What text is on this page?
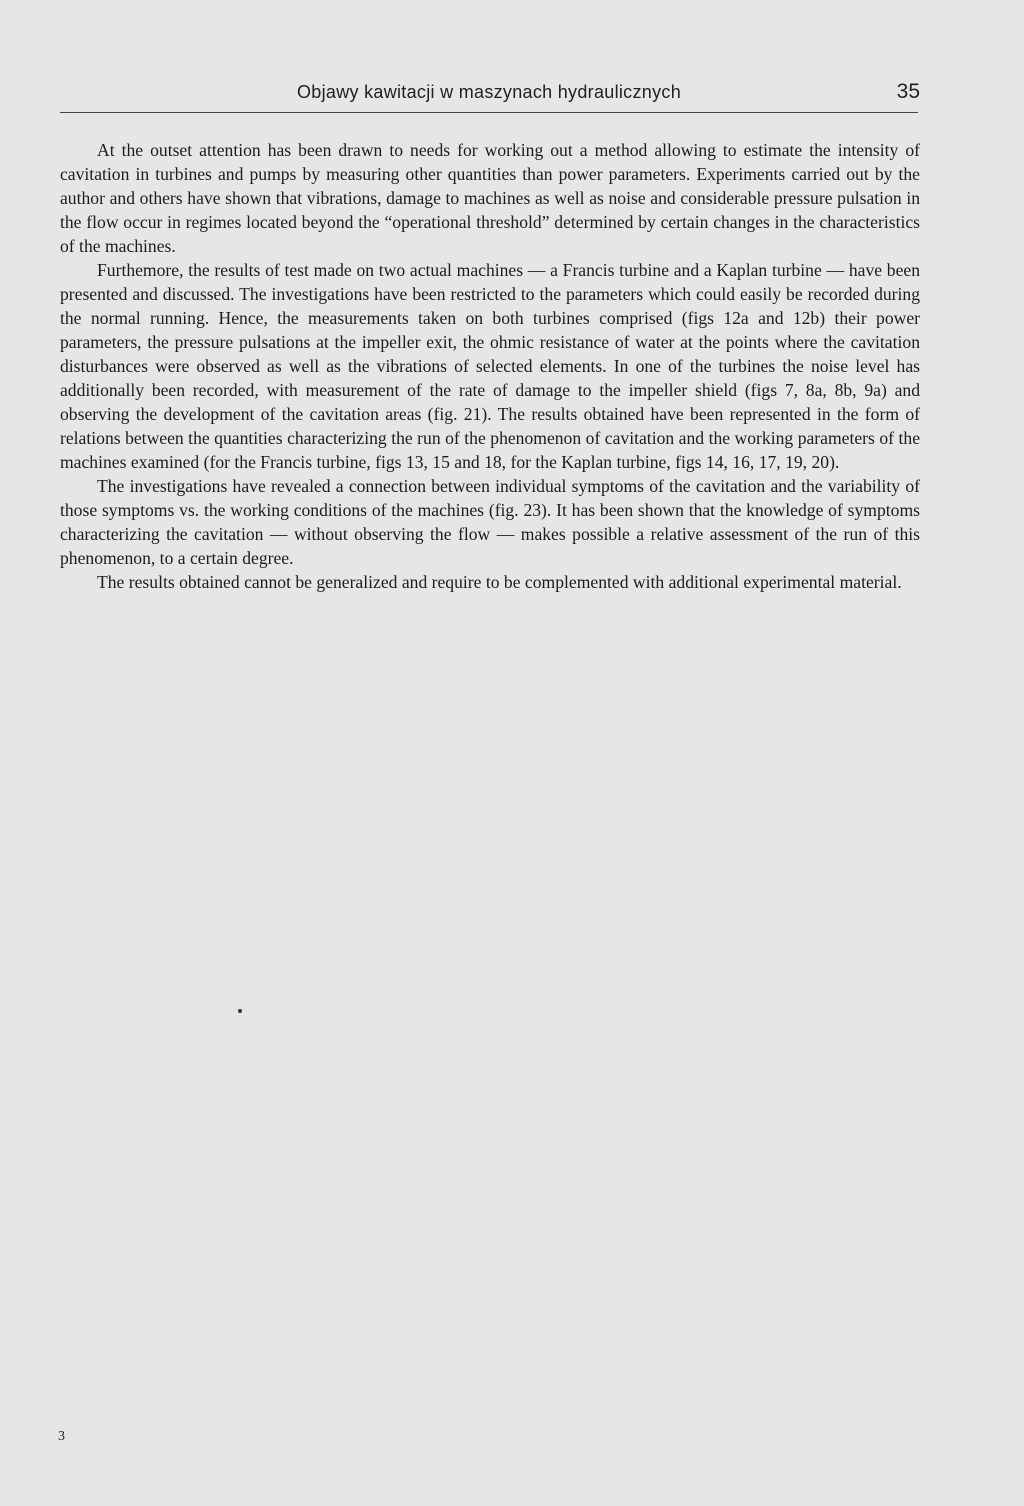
Objawy kawitacji w maszynach hydraulicznych	35

At the outset attention has been drawn to needs for working out a method allowing to estimate the intensity of cavitation in turbines and pumps by measuring other quantities than power parameters. Experiments carried out by the author and others have shown that vibrations, damage to machines as well as noise and considerable pressure pulsation in the flow occur in regimes located beyond the “operational threshold” determined by certain changes in the characteristics of the machines.

Furthemore, the results of test made on two actual machines — a Francis turbine and a Kaplan turbine — have been presented and discussed. The investigations have been restricted to the parameters which could easily be recorded during the normal running. Hence, the measurements taken on both turbines comprised (figs 12a and 12b) their power parameters, the pressure pulsations at the impeller exit, the ohmic resistance of water at the points where the cavitation disturbances were observed as well as the vibrations of selected elements. In one of the turbines the noise level has additionally been recorded, with measurement of the rate of damage to the impeller shield (figs 7, 8a, 8b, 9a) and observing the development of the cavitation areas (fig. 21). The results obtained have been represented in the form of relations between the quantities characterizing the run of the phenomenon of cavitation and the working parameters of the machines examined (for the Francis turbine, figs 13, 15 and 18, for the Kaplan turbine, figs 14, 16, 17, 19, 20).

The investigations have revealed a connection between individual symptoms of the cavitation and the variability of those symptoms vs. the working conditions of the machines (fig. 23). It has been shown that the knowledge of symptoms characterizing the cavitation — without observing the flow — makes possible a relative assessment of the run of this phenomenon, to a certain degree.

The results obtained cannot be generalized and require to be complemented with additional experimental material.

3
